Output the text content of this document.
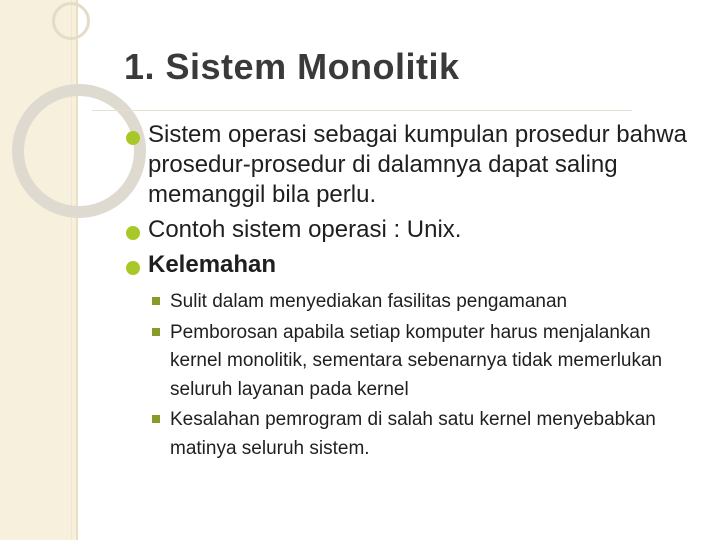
1. Sistem Monolitik
Sistem operasi sebagai kumpulan prosedur bahwa prosedur-prosedur di dalamnya dapat saling memanggil bila perlu.
Contoh sistem operasi : Unix.
Kelemahan
Sulit dalam menyediakan fasilitas pengamanan
Pemborosan apabila setiap komputer harus menjalankan kernel monolitik, sementara sebenarnya tidak memerlukan seluruh layanan pada kernel
Kesalahan pemrogram di salah satu kernel menyebabkan matinya seluruh sistem.
